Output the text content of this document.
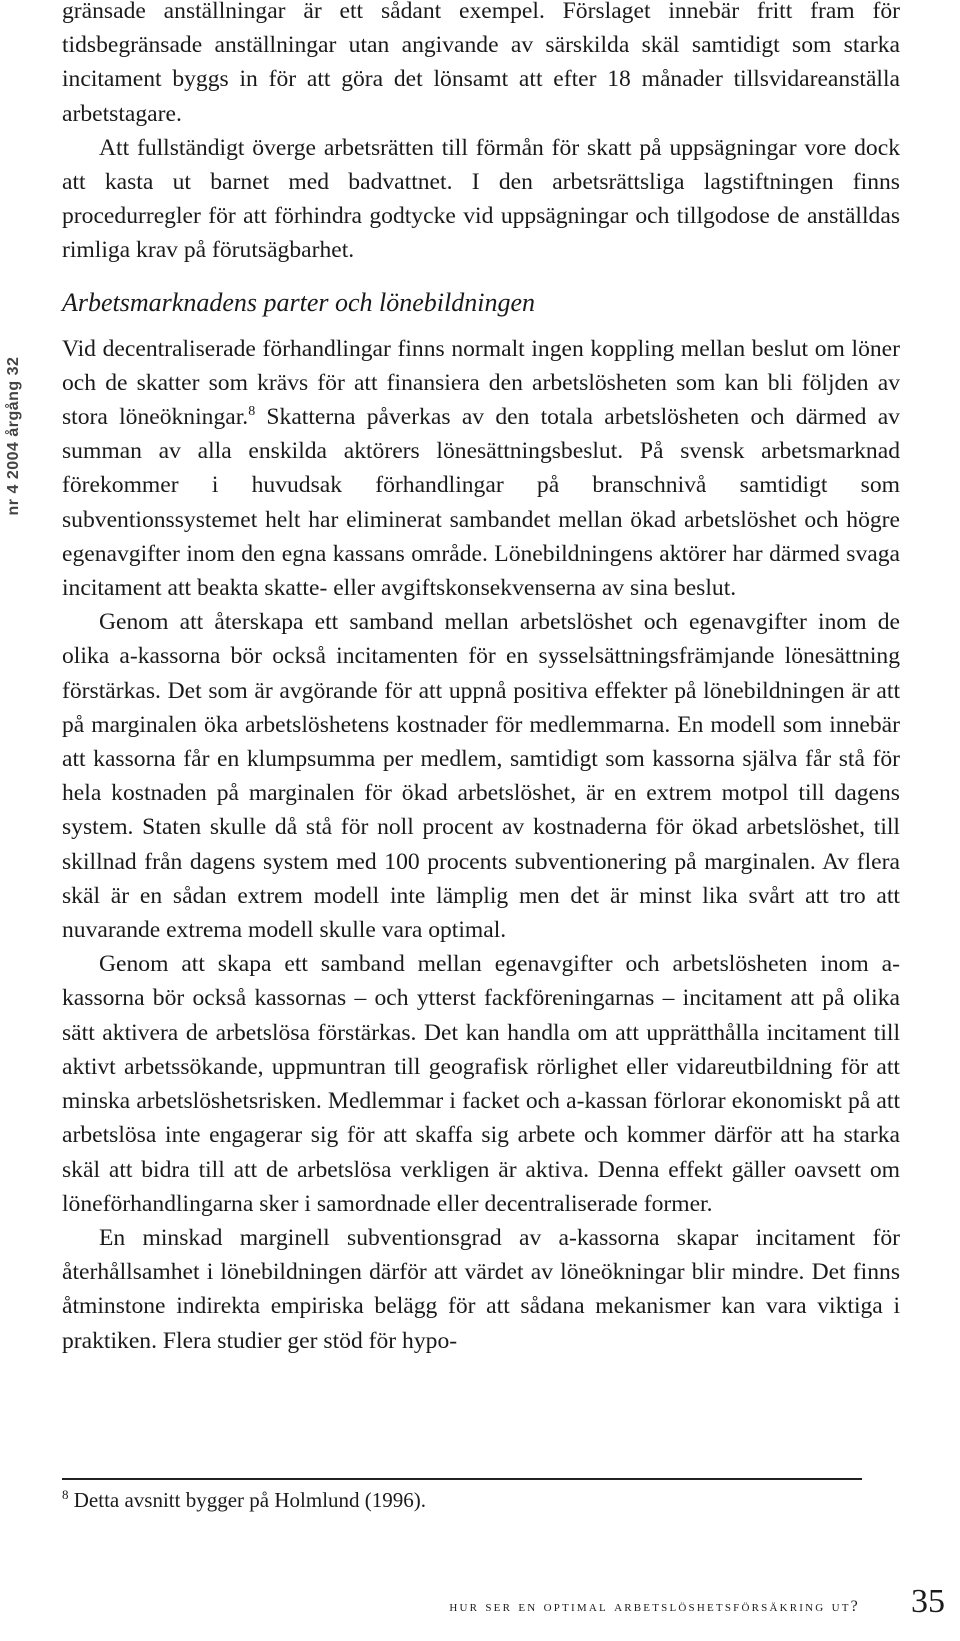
nr 4 2004 årgång 32

gränsade anställningar är ett sådant exempel. Förslaget innebär fritt fram för tidsbegränsade anställningar utan angivande av särskilda skäl samtidigt som starka incitament byggs in för att göra det lönsamt att efter 18 månader tillsvidareanställa arbetstagare.

Att fullständigt överge arbetsrätten till förmån för skatt på uppsägningar vore dock att kasta ut barnet med badvattnet. I den arbetsrättsliga lagstiftningen finns procedurregler för att förhindra godtycke vid uppsägningar och tillgodose de anställdas rimliga krav på förutsägbarhet.

Arbetsmarknadens parter och lönebildningen

Vid decentraliserade förhandlingar finns normalt ingen koppling mellan beslut om löner och de skatter som krävs för att finansiera den arbetslösheten som kan bli följden av stora löneökningar.$^8$ Skatterna påverkas av den totala arbetslösheten och därmed av summan av alla enskilda aktörers lönesättningsbeslut. På svensk arbetsmarknad förekommer i huvudsak förhandlingar på branschnivå samtidigt som subventionssystemet helt har eliminerat sambandet mellan ökad arbetslöshet och högre egenavgifter inom den egna kassans område. Lönebildningens aktörer har därmed svaga incitament att beakta skatte- eller avgiftskonsekvenserna av sina beslut.

Genom att återskapa ett samband mellan arbetslöshet och egenavgifter inom de olika a-kassorna bör också incitamenten för en sysselsättningsfrämjande lönesättning förstärkas. Det som är avgörande för att uppnå positiva effekter på lönebildningen är att på marginalen öka arbetslöshetens kostnader för medlemmarna. En modell som innebär att kassorna får en klumpsumma per medlem, samtidigt som kassorna själva får stå för hela kostnaden på marginalen för ökad arbetslöshet, är en extrem motpol till dagens system. Staten skulle då stå för noll procent av kostnaderna för ökad arbetslöshet, till skillnad från dagens system med 100 procents subventionering på marginalen. Av flera skäl är en sådan extrem modell inte lämplig men det är minst lika svårt att tro att nuvarande extrema modell skulle vara optimal.

Genom att skapa ett samband mellan egenavgifter och arbetslösheten inom a-kassorna bör också kassornas – och ytterst fackföreningarnas – incitament att på olika sätt aktivera de arbetslösa förstärkas. Det kan handla om att upprätthålla incitament till aktivt arbetssökande, uppmuntran till geografisk rörlighet eller vidareutbildning för att minska arbetslöshetsrisken. Medlemmar i facket och a-kassan förlorar ekonomiskt på att arbetslösa inte engagerar sig för att skaffa sig arbete och kommer därför att ha starka skäl att bidra till att de arbetslösa verkligen är aktiva. Denna effekt gäller oavsett om löneförhandlingarna sker i samordnade eller decentraliserade former.

En minskad marginell subventionsgrad av a-kassorna skapar incitament för återhållsamhet i lönebildningen därför att värdet av löneökningar blir mindre. Det finns åtminstone indirekta empiriska belägg för att sådana mekanismer kan vara viktiga i praktiken. Flera studier ger stöd för hypo-

$^8$ Detta avsnitt bygger på Holmlund (1996).

hur ser en optimal arbetslöshetsförsäkring ut? 35
